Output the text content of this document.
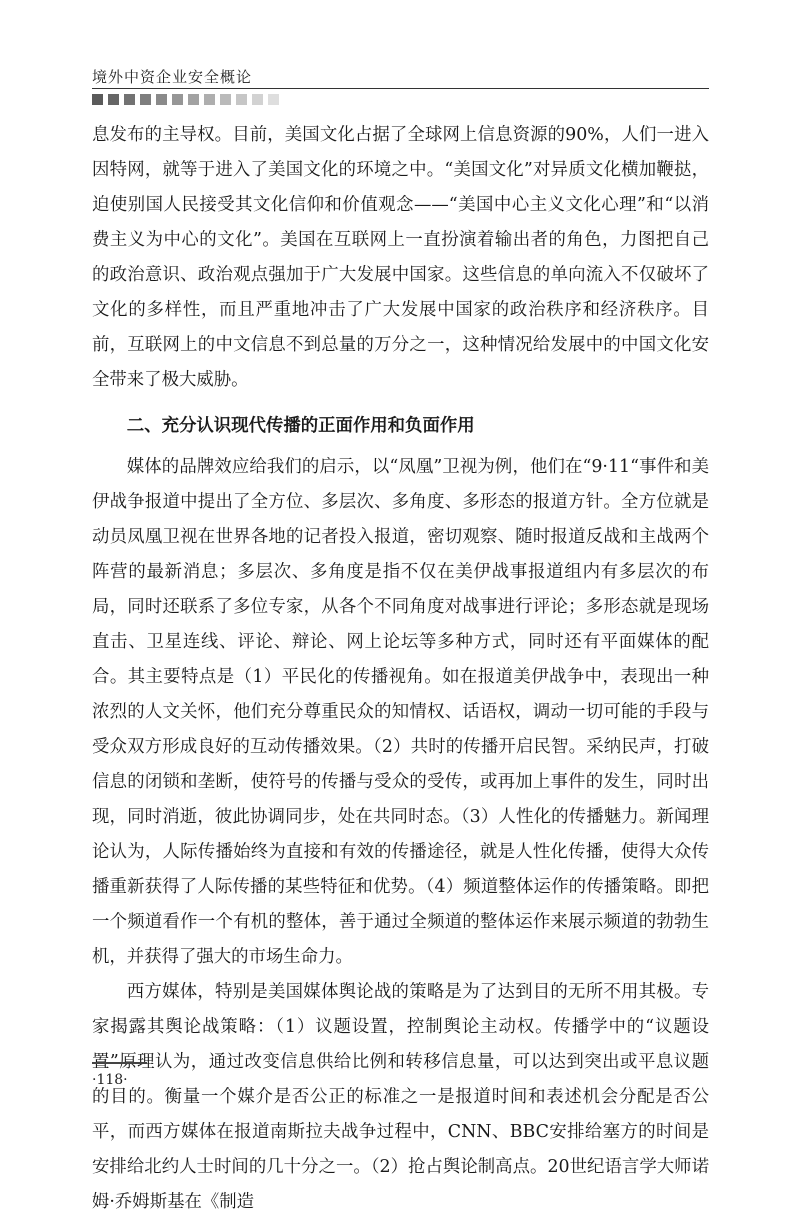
境外中资企业安全概论

息发布的主导权。目前，美国文化占据了全球网上信息资源的90%，人们一进入因特网，就等于进入了美国文化的环境之中。“美国文化”对异质文化横加鞭挞，迫使别国人民接受其文化信仰和价值观念——“美国中心主义文化心理”和“以消费主义为中心的文化”。美国在互联网上一直扮演着输出者的角色，力图把自己的政治意识、政治观点强加于广大发展中国家。这些信息的单向流入不仅破坏了文化的多样性，而且严重地冲击了广大发展中国家的政治秩序和经济秩序。目前，互联网上的中文信息不到总量的万分之一，这种情况给发展中的中国文化安全带来了极大威胁。

二、充分认识现代传播的正面作用和负面作用

媒体的品牌效应给我们的启示，以“凤凰”卫视为例，他们在“9·11“事件和美伊战争报道中提出了全方位、多层次、多角度、多形态的报道方针。全方位就是动员凤凰卫视在世界各地的记者投入报道，密切观察、随时报道反战和主战两个阵营的最新消息；多层次、多角度是指不仅在美伊战事报道组内有多层次的布局，同时还联系了多位专家，从各个不同角度对战事进行评论；多形态就是现场直击、卫星连线、评论、辩论、网上论坛等多种方式，同时还有平面媒体的配合。其主要特点是（1）平民化的传播视角。如在报道美伊战争中，表现出一种浓烈的人文关怀，他们充分尊重民众的知情权、话语权，调动一切可能的手段与受众双方形成良好的互动传播效果。（2）共时的传播开启民智。采纳民声，打破信息的闭锁和垄断，使符号的传播与受众的受传，或再加上事件的发生，同时出现，同时消逝，彼此协调同步，处在共同时态。（3）人性化的传播魅力。新闻理论认为，人际传播始终为直接和有效的传播途径，就是人性化传播，使得大众传播重新获得了人际传播的某些特征和优势。（4）频道整体运作的传播策略。即把一个频道看作一个有机的整体，善于通过全频道的整体运作来展示频道的勃勃生机，并获得了强大的市场生命力。

西方媒体，特别是美国媒体舆论战的策略是为了达到目的无所不用其极。专家揭露其舆论战策略：（1）议题设置，控制舆论主动权。传播学中的“议题设置”原理认为，通过改变信息供给比例和转移信息量，可以达到突出或平息议题的目的。衡量一个媒介是否公正的标准之一是报道时间和表述机会分配是否公平，而西方媒体在报道南斯拉夫战争过程中，CNN、BBC安排给塞方的时间是安排给北约人士时间的几十分之一。（2）抢占舆论制高点。20世纪语言学大师诺姆·乔姆斯基在《制造

·118·
